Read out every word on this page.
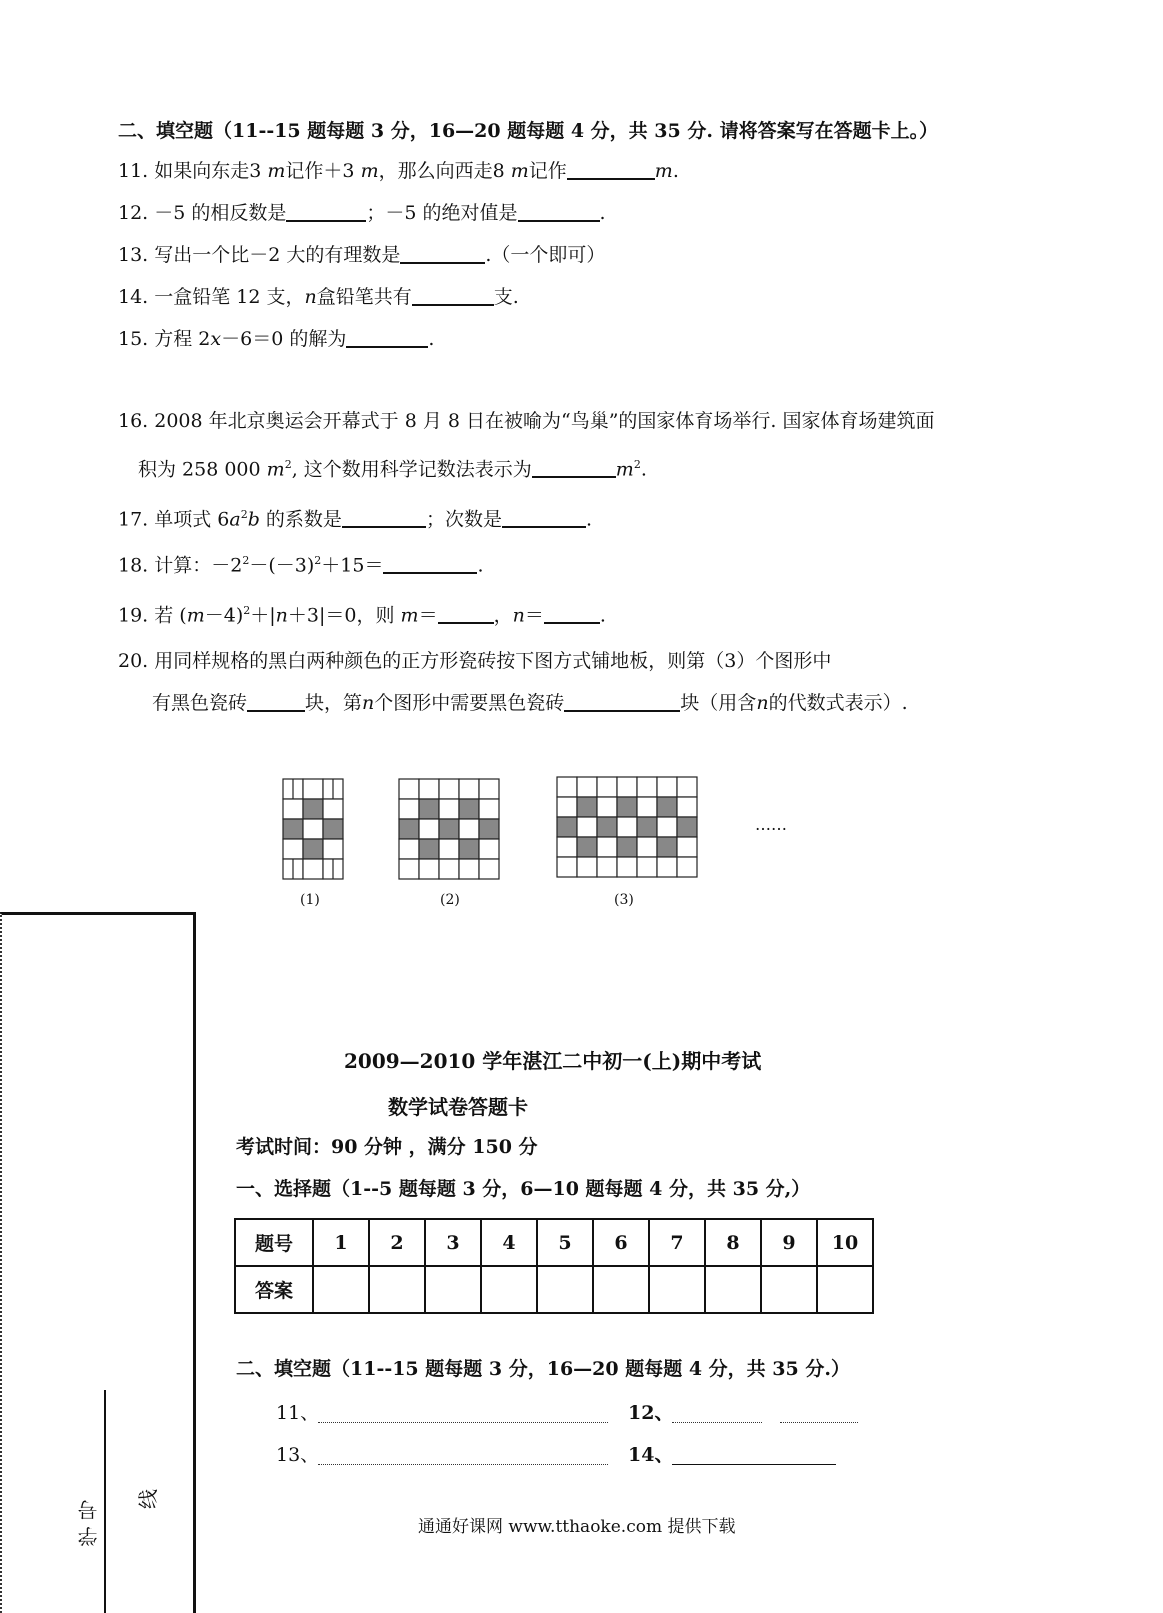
二、填空题（11--15 题每题 3 分，16—20 题每题 4 分，共 35 分. 请将答案写在答题卡上。）
11. 如果向东走3 m记作＋3 m，那么向西走8 m记作	m.
12. －5 的相反数是	；－5 的绝对值是	.
13. 写出一个比－2 大的有理数是	.（一个即可）
14. 一盒铅笔 12 支，n盒铅笔共有	支.
15. 方程 2x－6＝0 的解为	.
16. 2008 年北京奥运会开幕式于 8 月 8 日在被喻为“鸟巢”的国家体育场举行. 国家体育场建筑面
积为 258 000 $m^2$, 这个数用科学记数法表示为	$m^2$.
17. 单项式 $6a^2b$ 的系数是	；次数是	.
18. 计算：$-2^2-(-3)^2+15=$	.
19. 若 $(m-4)^2+|n+3|=0$，则 m＝	，n＝	.
20. 用同样规格的黑白两种颜色的正方形瓷砖按下图方式铺地板，则第（3）个图形中
有黑色瓷砖	块，第n个图形中需要黑色瓷砖	块（用含n的代数式表示）.
……
(1)	(2)	(3)
学 号
线
2009—2010 学年湛江二中初一(上)期中考试
数学试卷答题卡
考试时间：90 分钟 ，满分 150 分
一、选择题（1--5 题每题 3 分，6—10 题每题 4 分，共 35 分,）
题号	1	2	3	4	5	6	7	8	9	10
答案										
二、填空题（11--15 题每题 3 分，16—20 题每题 4 分，共 35 分.）
11、	12、
13、	14、
通通好课网 www.tthaoke.com 提供下载
